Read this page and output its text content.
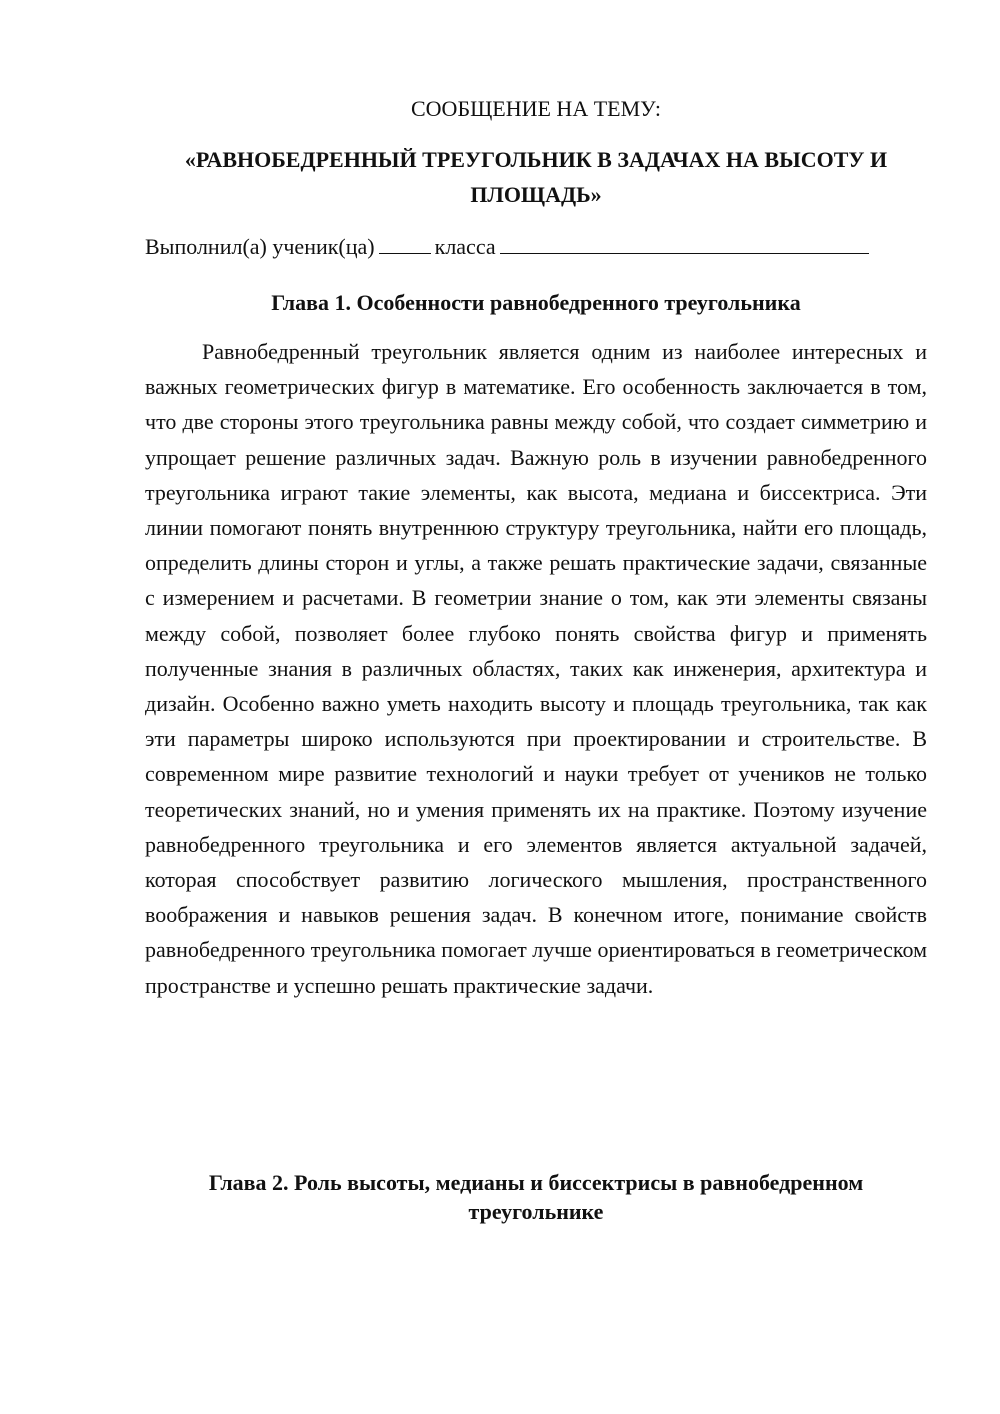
СООБЩЕНИЕ НА ТЕМУ:
«РАВНОБЕДРЕННЫЙ ТРЕУГОЛЬНИК В ЗАДАЧАХ НА ВЫСОТУ И ПЛОЩАДЬ»
Выполнил(а) ученик(ца)	класса
Глава 1. Особенности равнобедренного треугольника

Равнобедренный треугольник является одним из наиболее интересных и важных геометрических фигур в математике. Его особенность заключается в том, что две стороны этого треугольника равны между собой, что создает симметрию и упрощает решение различных задач. Важную роль в изучении равнобедренного треугольника играют такие элементы, как высота, медиана и биссектриса. Эти линии помогают понять внутреннюю структуру треугольника, найти его площадь, определить длины сторон и углы, а также решать практические задачи, связанные с измерением и расчетами. В геометрии знание о том, как эти элементы связаны между собой, позволяет более глубоко понять свойства фигур и применять полученные знания в различных областях, таких как инженерия, архитектура и дизайн. Особенно важно уметь находить высоту и площадь треугольника, так как эти параметры широко используются при проектировании и строительстве. В современном мире развитие технологий и науки требует от учеников не только теоретических знаний, но и умения применять их на практике. Поэтому изучение равнобедренного треугольника и его элементов является актуальной задачей, которая способствует развитию логического мышления, пространственного воображения и навыков решения задач. В конечном итоге, понимание свойств равнобедренного треугольника помогает лучше ориентироваться в геометрическом пространстве и успешно решать практические задачи.

Глава 2. Роль высоты, медианы и биссектрисы в равнобедренном треугольнике
